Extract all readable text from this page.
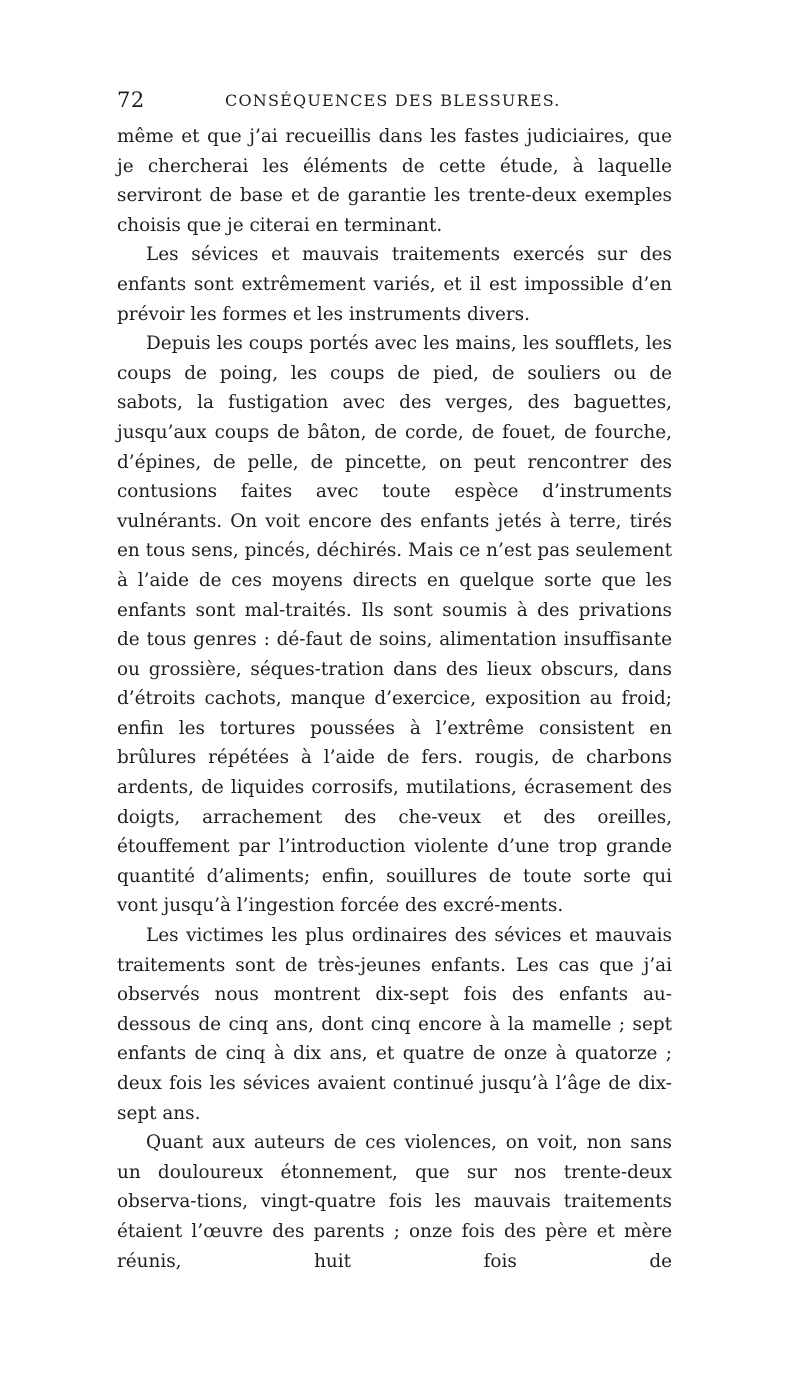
72	CONSÉQUENCES DES BLESSURES.

même et que j’ai recueillis dans les fastes judiciaires, que je chercherai les éléments de cette étude, à laquelle serviront de base et de garantie les trente-deux exemples choisis que je citerai en terminant.

Les sévices et mauvais traitements exercés sur des enfants sont extrêmement variés, et il est impossible d’en prévoir les formes et les instruments divers.

Depuis les coups portés avec les mains, les soufflets, les coups de poing, les coups de pied, de souliers ou de sabots, la fustigation avec des verges, des baguettes, jusqu’aux coups de bâton, de corde, de fouet, de fourche, d’épines, de pelle, de pincette, on peut rencontrer des contusions faites avec toute espèce d’instruments vulnérants. On voit encore des enfants jetés à terre, tirés en tous sens, pincés, déchirés. Mais ce n’est pas seulement à l’aide de ces moyens directs en quelque sorte que les enfants sont mal-traités. Ils sont soumis à des privations de tous genres : dé-faut de soins, alimentation insuffisante ou grossière, séques-tration dans des lieux obscurs, dans d’étroits cachots, manque d’exercice, exposition au froid; enfin les tortures poussées à l’extrême consistent en brûlures répétées à l’aide de fers. rougis, de charbons ardents, de liquides corrosifs, mutilations, écrasement des doigts, arrachement des che-veux et des oreilles, étouffement par l’introduction violente d’une trop grande quantité d’aliments; enfin, souillures de toute sorte qui vont jusqu’à l’ingestion forcée des excré-ments.

Les victimes les plus ordinaires des sévices et mauvais traitements sont de très-jeunes enfants. Les cas que j’ai observés nous montrent dix-sept fois des enfants au-dessous de cinq ans, dont cinq encore à la mamelle ; sept enfants de cinq à dix ans, et quatre de onze à quatorze ; deux fois les sévices avaient continué jusqu’à l’âge de dix-sept ans.

Quant aux auteurs de ces violences, on voit, non sans un douloureux étonnement, que sur nos trente-deux observa-tions, vingt-quatre fois les mauvais traitements étaient l’œuvre des parents ; onze fois des père et mère réunis, huit fois de
